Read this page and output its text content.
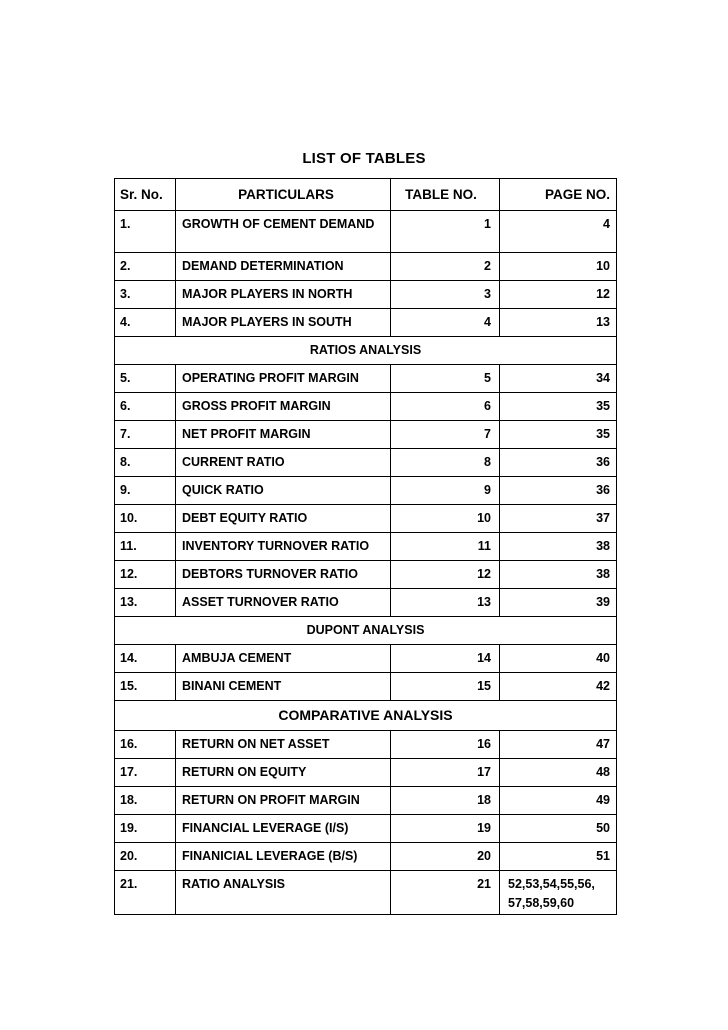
LIST OF TABLES
Sr. No.	PARTICULARS	TABLE NO.	PAGE NO.
1.	GROWTH OF CEMENT DEMAND	1	4
2.	DEMAND DETERMINATION	2	10
3.	MAJOR PLAYERS IN NORTH	3	12
4.	MAJOR PLAYERS IN SOUTH	4	13
RATIOS ANALYSIS			
5.	OPERATING PROFIT MARGIN	5	34
6.	GROSS PROFIT MARGIN	6	35
7.	NET PROFIT MARGIN	7	35
8.	CURRENT RATIO	8	36
9.	QUICK RATIO	9	36
10.	DEBT EQUITY RATIO	10	37
11.	INVENTORY TURNOVER RATIO	11	38
12.	DEBTORS TURNOVER RATIO	12	38
13.	ASSET TURNOVER RATIO	13	39
DUPONT ANALYSIS			
14.	AMBUJA CEMENT	14	40
15.	BINANI CEMENT	15	42
COMPARATIVE ANALYSIS			
16.	RETURN ON NET ASSET	16	47
17.	RETURN ON EQUITY	17	48
18.	RETURN ON PROFIT MARGIN	18	49
19.	FINANCIAL LEVERAGE (I/S)	19	50
20.	FINANICIAL LEVERAGE (B/S)	20	51
21.	RATIO ANALYSIS	21	52,53,54,55,56, 57,58,59,60
